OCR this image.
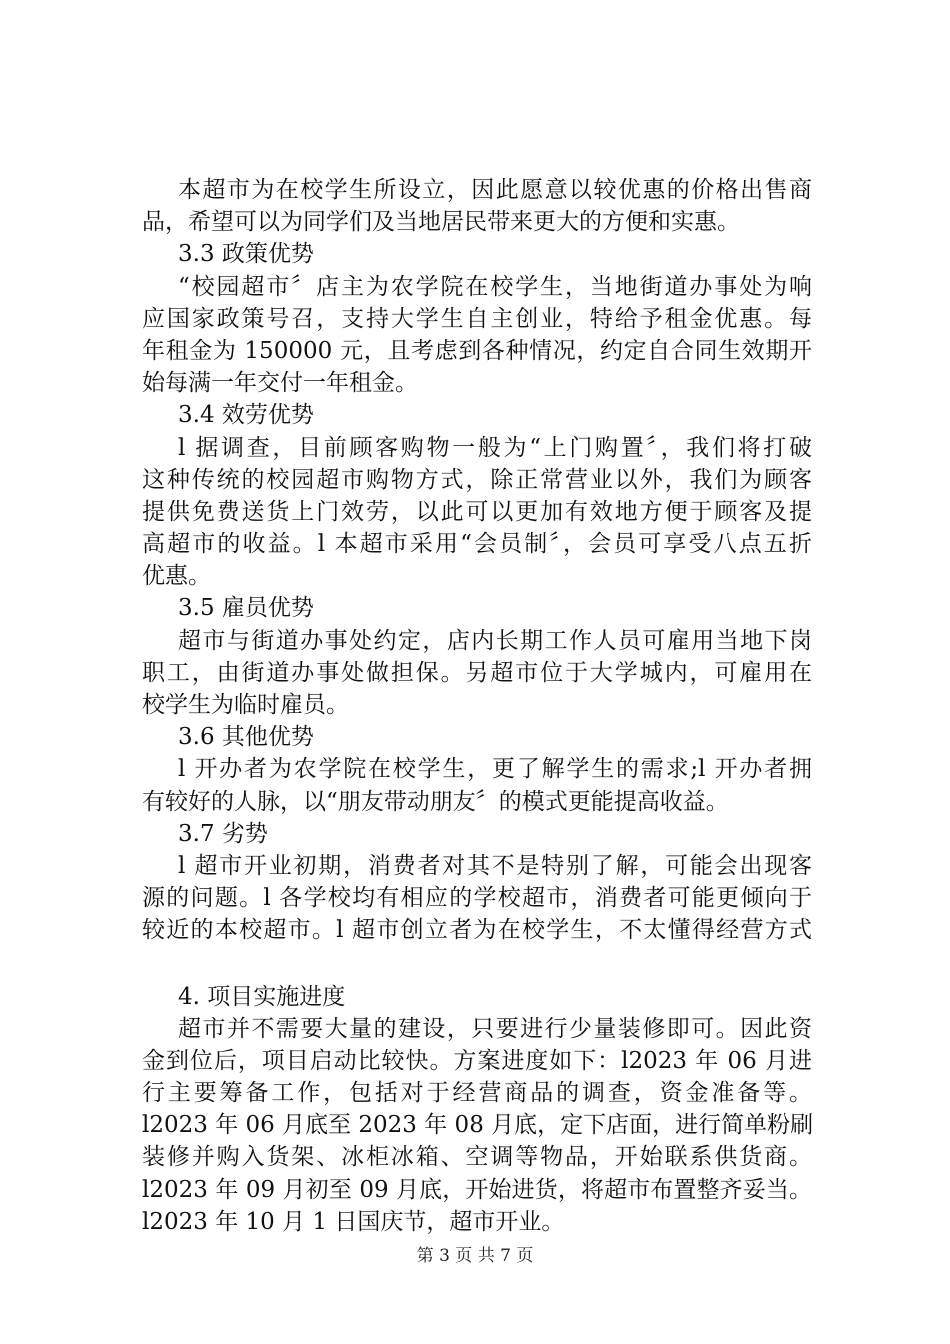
本超市为在校学生所设立，因此愿意以较优惠的价格出售商
品，希望可以为同学们及当地居民带来更大的方便和实惠。
3.3 政策优势
“校园超市〞店主为农学院在校学生，当地街道办事处为响
应国家政策号召，支持大学生自主创业，特给予租金优惠。每
年租金为 150000 元，且考虑到各种情况，约定自合同生效期开
始每满一年交付一年租金。
3.4 效劳优势
l 据调查，目前顾客购物一般为“上门购置〞，我们将打破
这种传统的校园超市购物方式，除正常营业以外，我们为顾客
提供免费送货上门效劳，以此可以更加有效地方便于顾客及提
高超市的收益。l 本超市采用“会员制〞，会员可享受八点五折
优惠。
3.5 雇员优势
超市与街道办事处约定，店内长期工作人员可雇用当地下岗
职工，由街道办事处做担保。另超市位于大学城内，可雇用在
校学生为临时雇员。
3.6 其他优势
l 开办者为农学院在校学生，更了解学生的需求;l 开办者拥
有较好的人脉，以“朋友带动朋友〞的模式更能提高收益。
3.7 劣势
l 超市开业初期，消费者对其不是特别了解，可能会出现客
源的问题。l 各学校均有相应的学校超市，消费者可能更倾向于
较近的本校超市。l 超市创立者为在校学生，不太懂得经营方式
4. 项目实施进度
超市并不需要大量的建设，只要进行少量装修即可。因此资
金到位后，项目启动比较快。方案进度如下：l2023 年 06 月进
行主要筹备工作，包括对于经营商品的调查，资金准备等。
l2023 年 06 月底至 2023 年 08 月底，定下店面，进行简单粉刷
装修并购入货架、冰柜冰箱、空调等物品，开始联系供货商。
l2023 年 09 月初至 09 月底，开始进货，将超市布置整齐妥当。
l2023 年 10 月 1 日国庆节，超市开业。
第 3 页 共 7 页
